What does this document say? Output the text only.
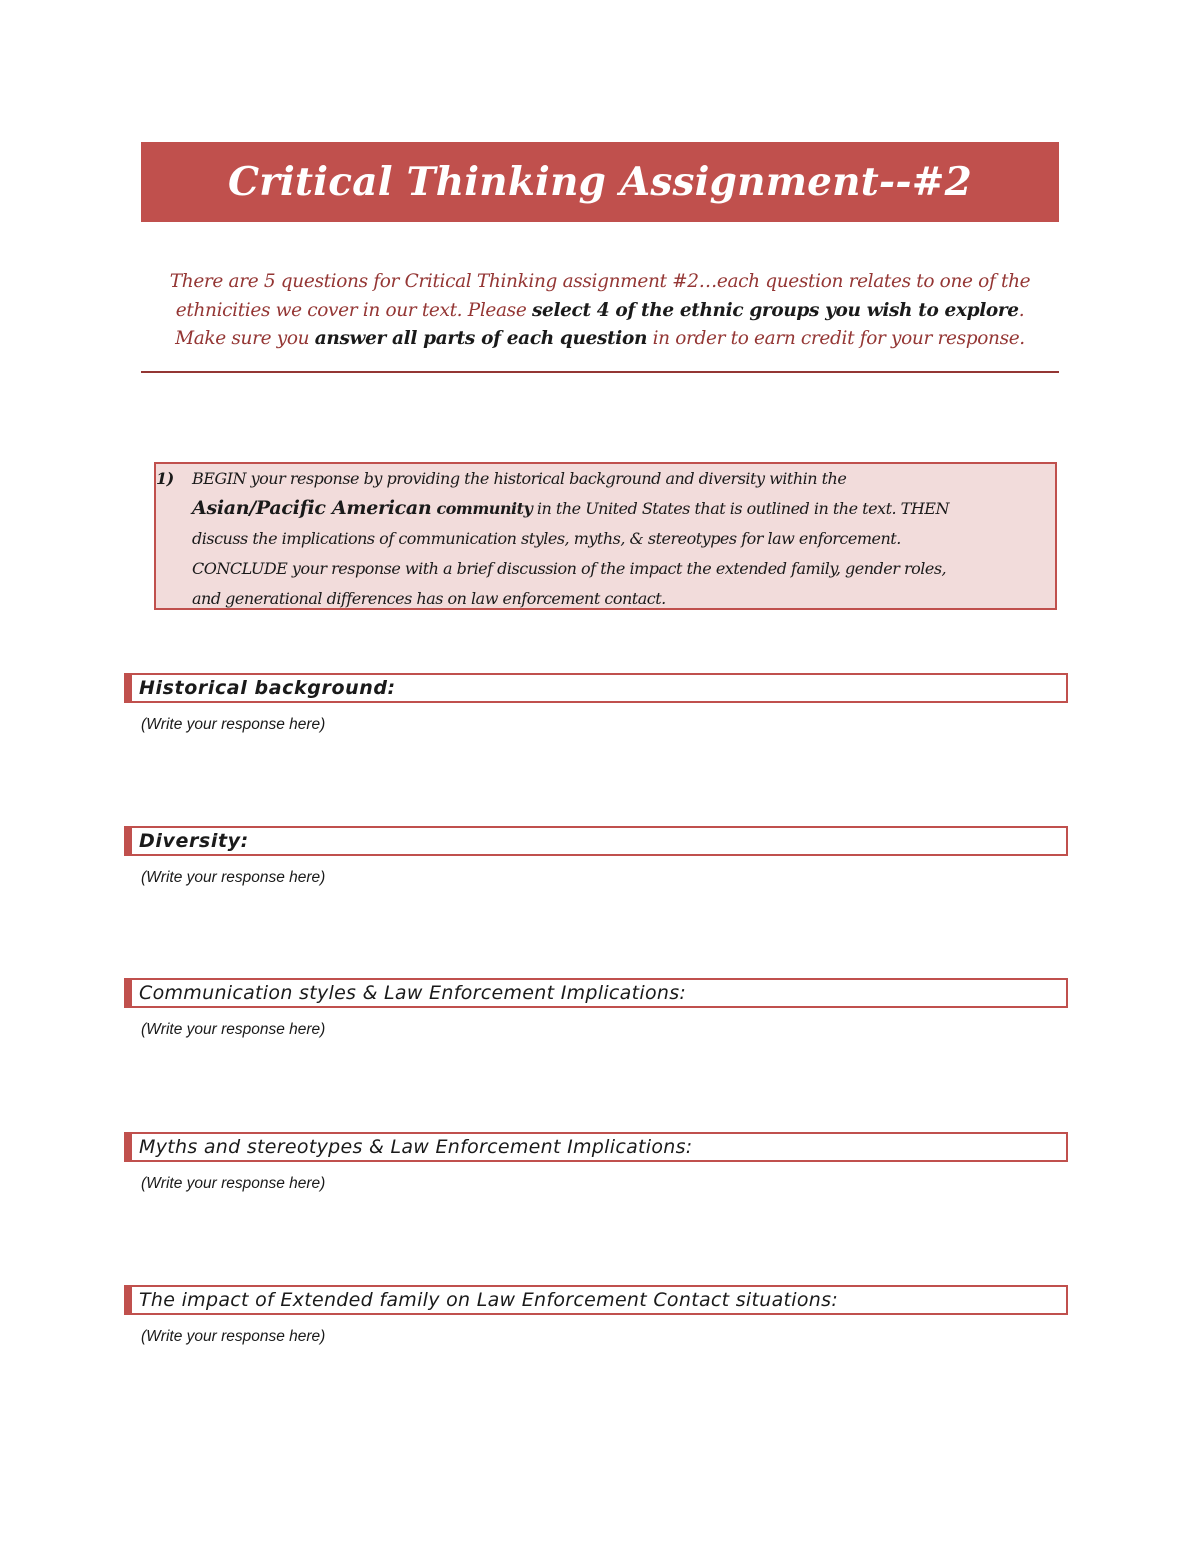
Critical Thinking Assignment--#2
There are 5 questions for Critical Thinking assignment #2…each question relates to one of the
ethnicities we cover in our text. Please select 4 of the ethnic groups you wish to explore.
Make sure you answer all parts of each question in order to earn credit for your response.
1) BEGIN your response by providing the historical background and diversity within the
Asian/Pacific American community in the United States that is outlined in the text. THEN
discuss the implications of communication styles, myths, & stereotypes for law enforcement.
CONCLUDE your response with a brief discussion of the impact the extended family, gender roles,
and generational differences has on law enforcement contact.
Historical background:
(Write your response here)
Diversity:
(Write your response here)
Communication styles & Law Enforcement Implications:
(Write your response here)
Myths and stereotypes & Law Enforcement Implications:
(Write your response here)
The impact of Extended family on Law Enforcement Contact situations:
(Write your response here)
